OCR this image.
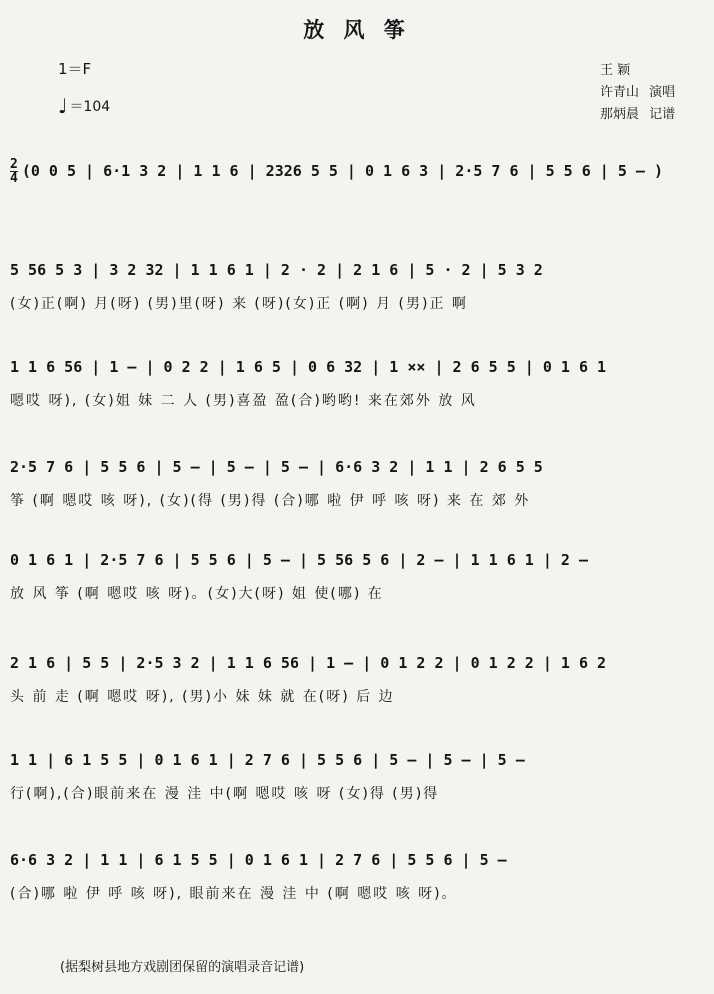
放 风 筝
1＝F
♩ ＝104
王 颖
许青山 演唱
那炳晨 记谱
2
4 (0 0 5 | 6·1 3 2 | 1 1 6 | 2326 5 5 | 0 1 6 3 | 2·5 7 6 | 5 5 6 | 5 — )
5 56 5 3 | 3 2 32 | 1 1 6 1 | 2 · 2 | 2 1 6 | 5 · 2 | 5 3 2
(女)正(啊) 月(呀) (男)里(呀) 来 (呀)(女)正 (啊) 月 (男)正 啊
1 1 6 56 | 1 — | 0 2 2 | 1 6 5 | 0 6 32 | 1 ×× | 2 6 5 5 | 0 1 6 1
嗯哎 呀), (女)姐 妹 二 人 (男)喜盈 盈(合)哟哟! 来在郊外 放 风
2·5 7 6 | 5 5 6 | 5 — | 5 — | 5 — | 6·6 3 2 | 1 1 | 2 6 5 5
筝 (啊 嗯哎 咳 呀), (女)(得 (男)得 (合)哪 啦 伊 呼 咳 呀) 来 在 郊 外
0 1 6 1 | 2·5 7 6 | 5 5 6 | 5 — | 5 56 5 6 | 2 — | 1 1 6 1 | 2 —
放 风 筝 (啊 嗯哎 咳 呀)。(女)大(呀) 姐 使(哪) 在
2 1 6 | 5 5 | 2·5 3 2 | 1 1 6 56 | 1 — | 0 1 2 2 | 0 1 2 2 | 1 6 2
头 前 走 (啊 嗯哎 呀), (男)小 妹 妹 就 在(呀) 后 边
1 1 | 6 1 5 5 | 0 1 6 1 | 2 7 6 | 5 5 6 | 5 — | 5 — | 5 —
行(啊),(合)眼前来在 漫 洼 中(啊 嗯哎 咳 呀 (女)得 (男)得
6·6 3 2 | 1 1 | 6 1 5 5 | 0 1 6 1 | 2 7 6 | 5 5 6 | 5 —
(合)哪 啦 伊 呼 咳 呀), 眼前来在 漫 洼 中 (啊 嗯哎 咳 呀)。
(据梨树县地方戏剧团保留的演唱录音记谱)
